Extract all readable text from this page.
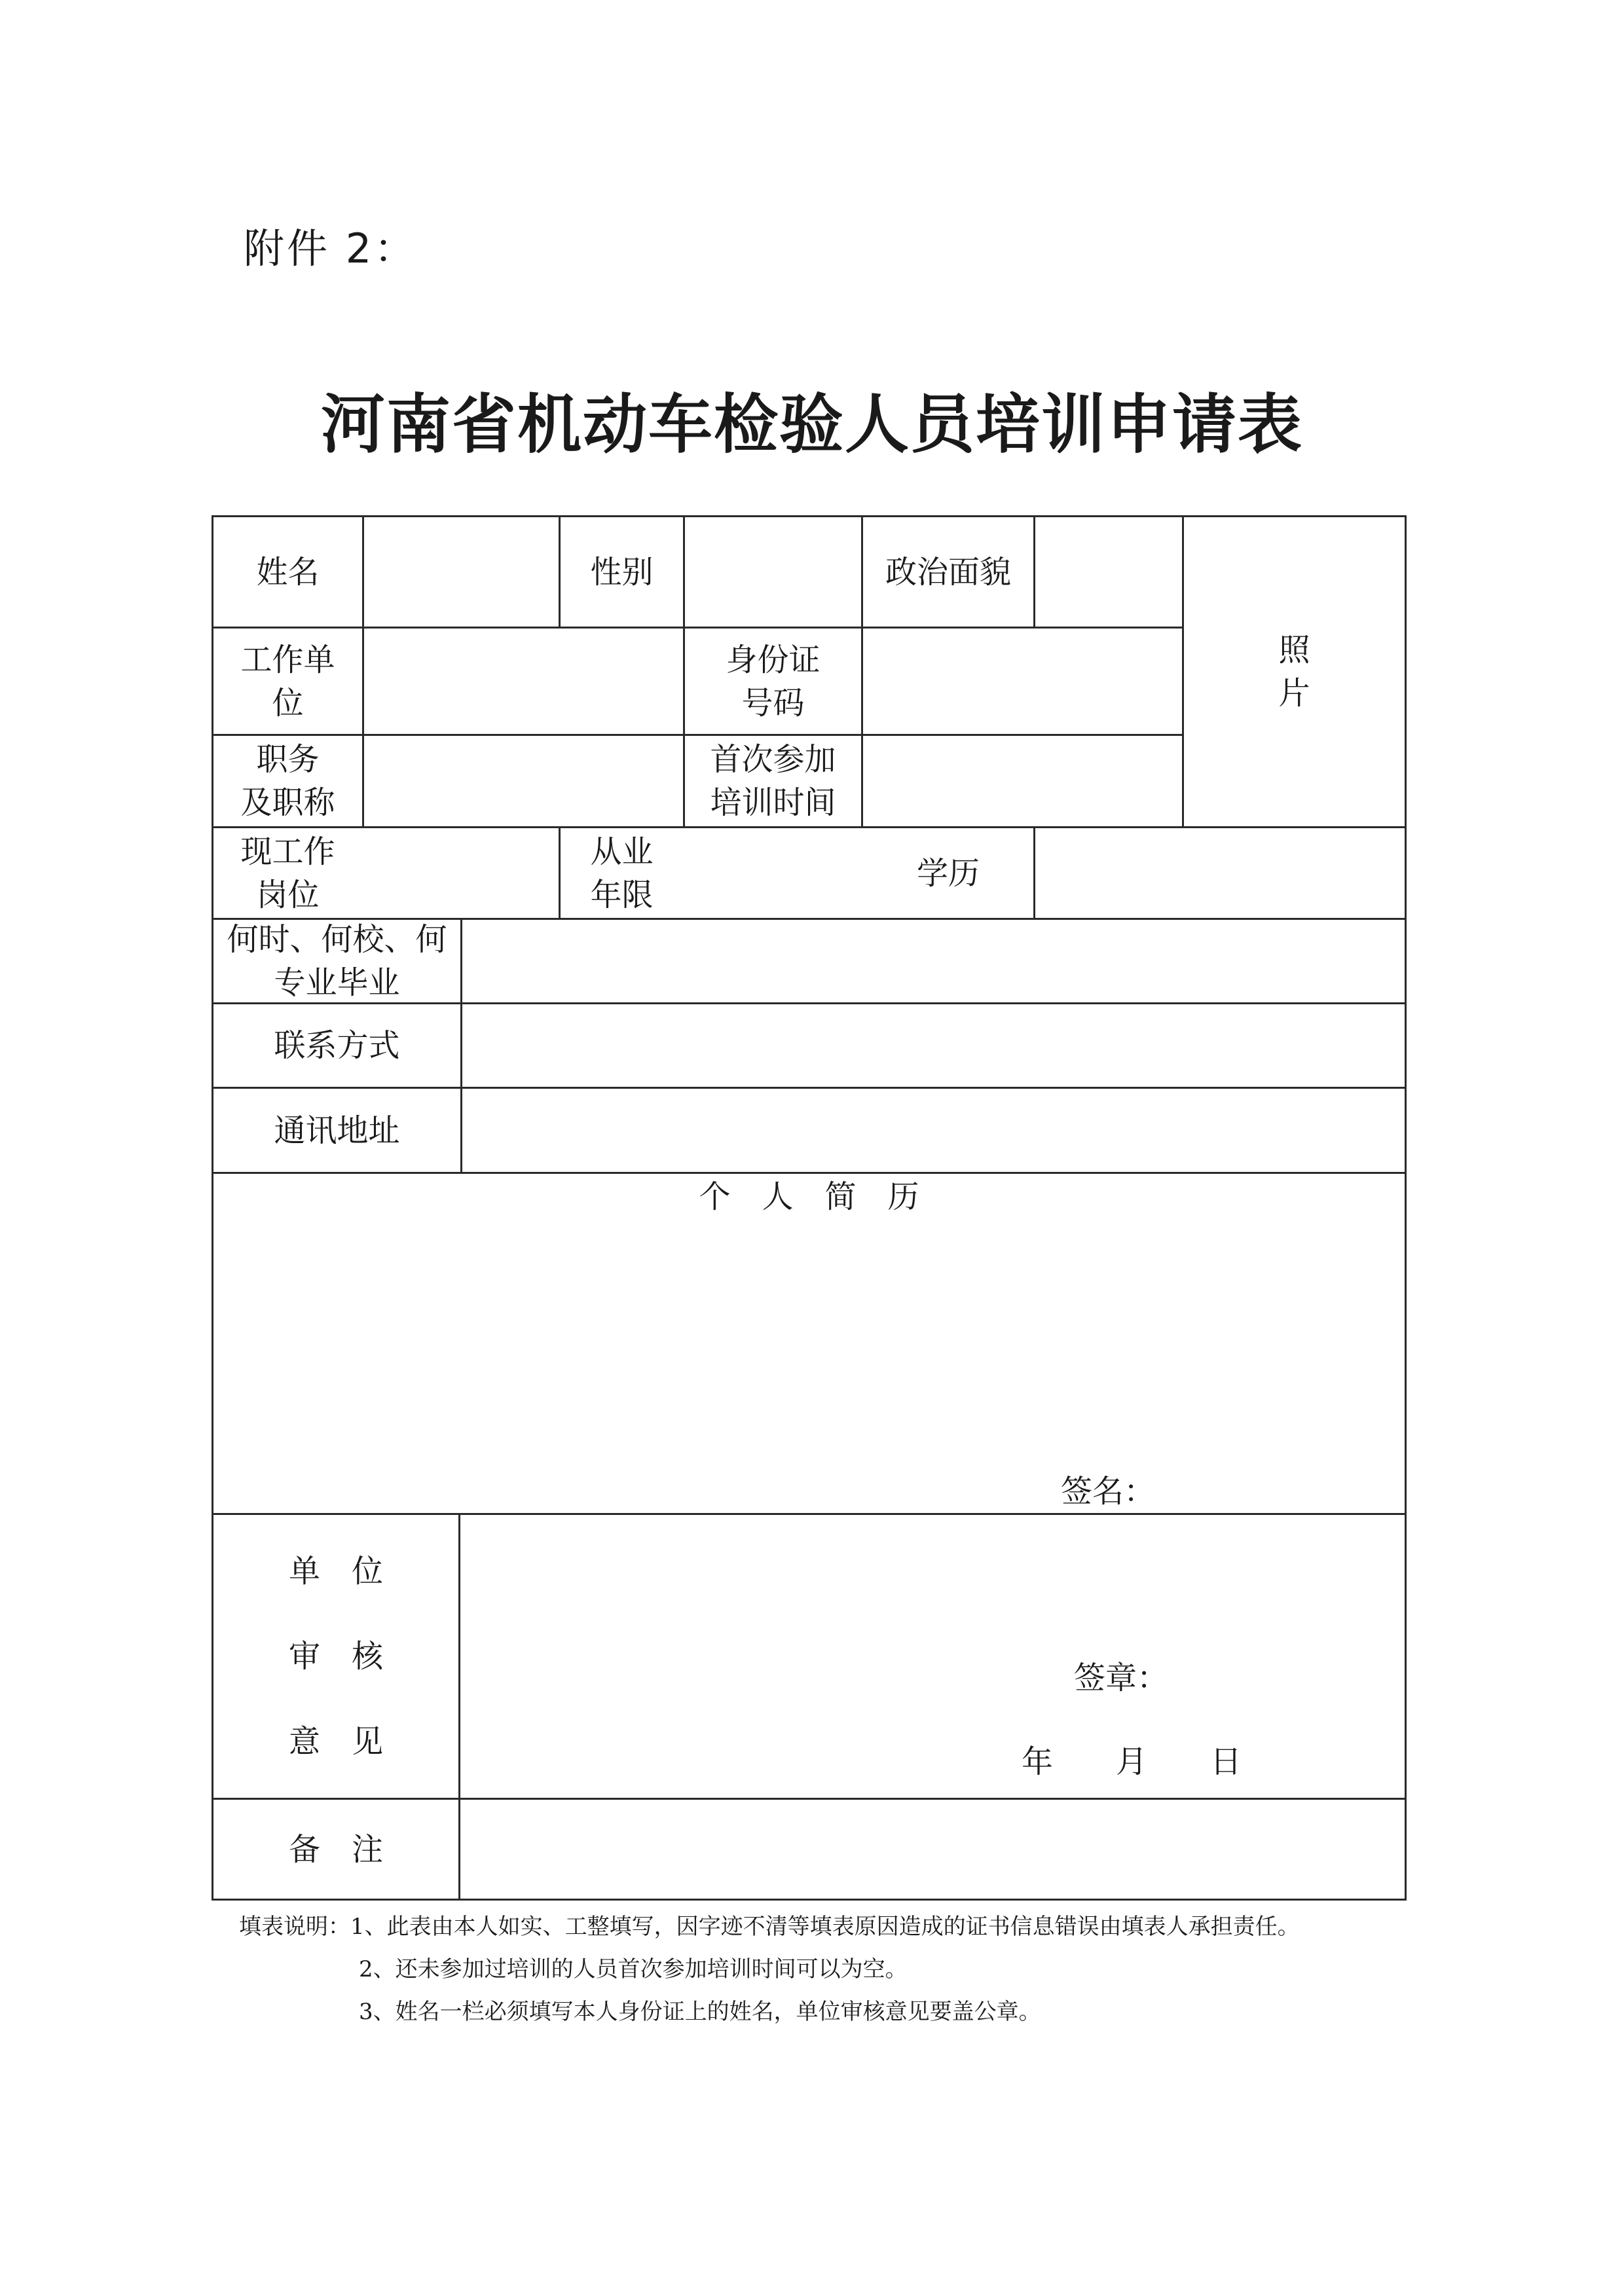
附件 2：
河南省机动车检验人员培训申请表
姓名	性别	政治面貌
照
片
工作单
位
身份证
号码
职务
及职称
首次参加
培训时间
现工作
岗位
从业
年限
学历
何时、何校、何
专业毕业
联系方式
通讯地址
个　人　简　历
签名：
单　位
审　核
意　见
签章：
年　　月　　日
备　注
填表说明：1、此表由本人如实、工整填写，因字迹不清等填表原因造成的证书信息错误由填表人承担责任。
2、还未参加过培训的人员首次参加培训时间可以为空。
3、姓名一栏必须填写本人身份证上的姓名，单位审核意见要盖公章。
